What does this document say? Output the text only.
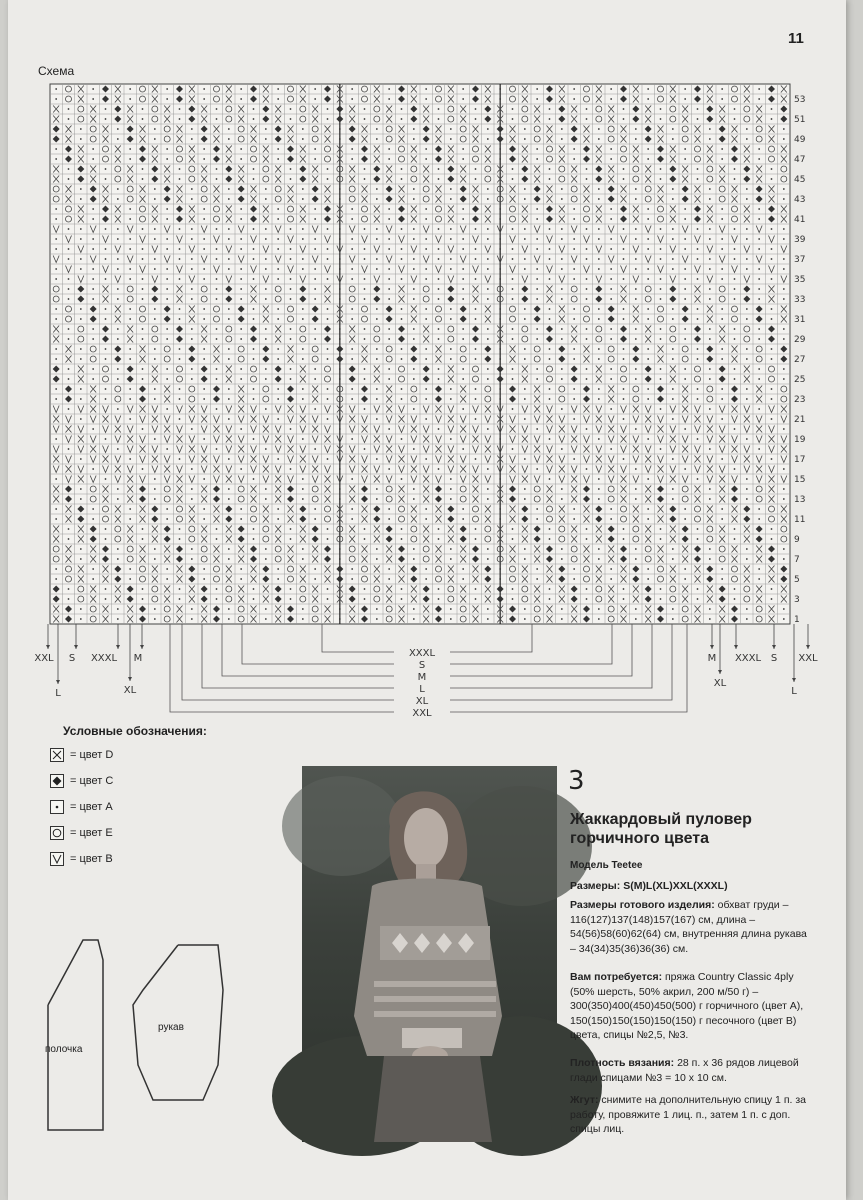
11
Схема
53
51
49
47
45
43
41
39
37
35
33
31
29
27
25
23
21
19
17
15
13
11
9
7
5
3
1
XXL S XXXL M
L	XL
M XXXL S XXL
XL
L
XXXL
S
M
L
XL
XXL
Условные обозначения:
= цвет D
= цвет C
= цвет A
= цвет E
= цвет B
полочка
рукав
3
Жаккардовый пуловер горчичного цвета
Модель Teetee
Размеры: S(M)L(XL)XXL(XXXL)
Размеры готового изделия: обхват груди – 116(127)137(148)157(167) см, длина – 54(56)58(60)62(64) см, внутренняя длина рукава – 34(34)35(36)36(36) см.
Вам потребуется: пряжа Country Classic 4ply (50% шерсть, 50% акрил, 200 м/50 г) – 300(350)400(450)450(500) г горчичного (цвет А), 150(150)150(150)150(150) г песочного (цвет В) цвета, спицы №2,5, №3.
Плотность вязания: 28 п. х 36 рядов лицевой глади спицами №3 = 10 х 10 см.
Жгут: снимите на дополнительную спицу 1 п. за работу, провяжите 1 лиц. п., затем 1 п. с доп. спицы лиц.
